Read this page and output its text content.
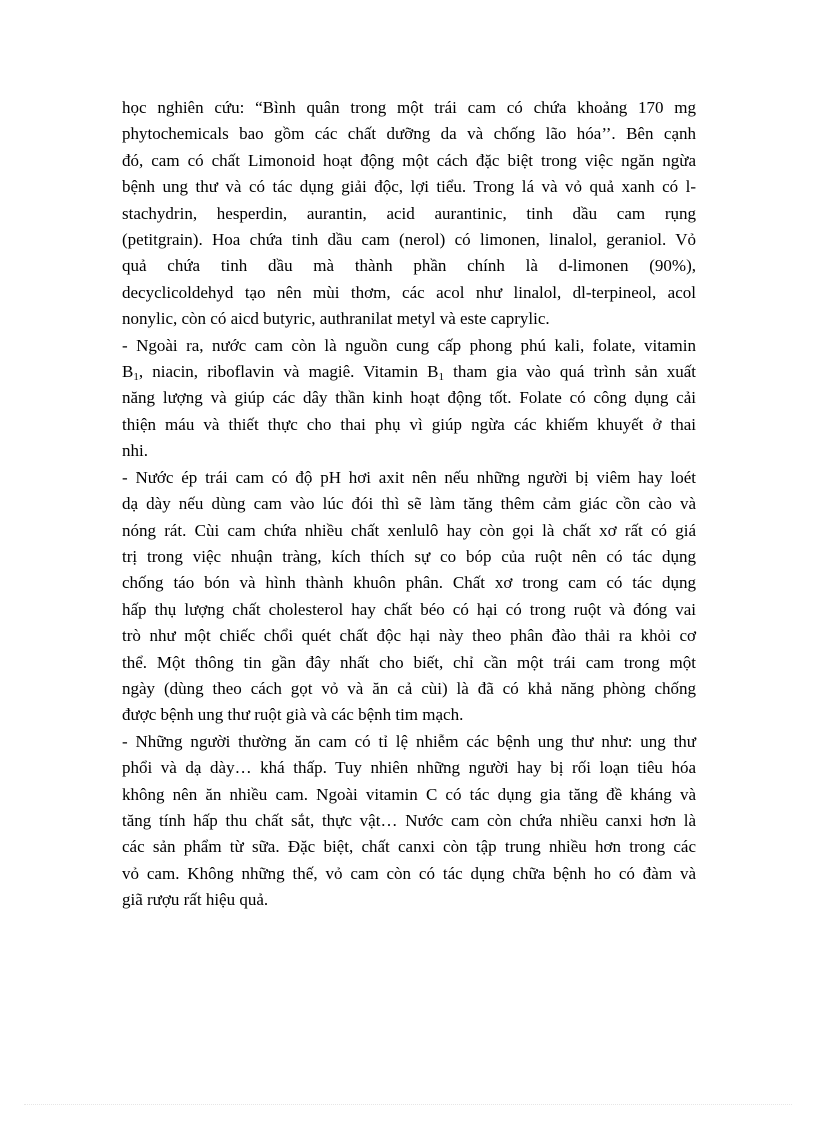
học nghiên cứu: “Bình quân trong một trái cam có chứa khoảng 170 mg

phytochemicals bao gồm các chất dưỡng da và chống lão hóa’’. Bên cạnh

đó, cam có chất Limonoid hoạt động một cách đặc biệt trong việc ngăn ngừa

bệnh ung thư và có tác dụng giải độc, lợi tiểu. Trong lá và vỏ quả xanh có l-

stachydrin, hesperdin, aurantin, acid aurantinic, tinh dầu cam rụng

(petitgrain). Hoa chứa tinh dầu cam (nerol) có limonen, linalol, geraniol. Vỏ

quả chứa tinh dầu mà thành phần chính là d-limonen (90%),

decyclicoldehyd tạo nên mùi thơm, các acol như linalol, dl-terpineol, acol

nonylic, còn có aicd butyric, authranilat metyl và este caprylic.

- Ngoài ra, nước cam còn là nguồn cung cấp phong phú kali, folate, vitamin

$B_1$, niacin, riboflavin và magiê. Vitamin $B_1$ tham gia vào quá trình sản xuất

năng lượng và giúp các dây thần kinh hoạt động tốt. Folate có công dụng cải

thiện máu và thiết thực cho thai phụ vì giúp ngừa các khiếm khuyết ở thai

nhi.

- Nước ép trái cam có độ pH hơi axit nên nếu những người bị viêm hay loét

dạ dày nếu dùng cam vào lúc đói thì sẽ làm tăng thêm cảm giác cồn cào và

nóng rát. Cùi cam chứa nhiều chất xenlulô hay còn gọi là chất xơ rất có giá

trị trong việc nhuận tràng, kích thích sự co bóp của ruột nên có tác dụng

chống táo bón và hình thành khuôn phân. Chất xơ trong cam có tác dụng

hấp thụ lượng chất cholesterol hay chất béo có hại có trong ruột và đóng vai

trò như một chiếc chổi quét chất độc hại này theo phân đào thải ra khỏi cơ

thể. Một thông tin gần đây nhất cho biết, chỉ cần một trái cam trong một

ngày (dùng theo cách gọt vỏ và ăn cả cùi) là đã có khả năng phòng chống

được bệnh ung thư ruột già và các bệnh tim mạch.

- Những người thường ăn cam có tỉ lệ nhiễm các bệnh ung thư như: ung thư

phổi và dạ dày… khá thấp. Tuy nhiên những người hay bị rối loạn tiêu hóa

không nên ăn nhiều cam. Ngoài vitamin C có tác dụng gia tăng đề kháng và

tăng tính hấp thu chất sắt, thực vật… Nước cam còn chứa nhiều canxi hơn là

các sản phẩm từ sữa. Đặc biệt, chất canxi còn tập trung nhiều hơn trong các

vỏ cam. Không những thế, vỏ cam còn có tác dụng chữa bệnh ho có đàm và

giã rượu rất hiệu quả.
